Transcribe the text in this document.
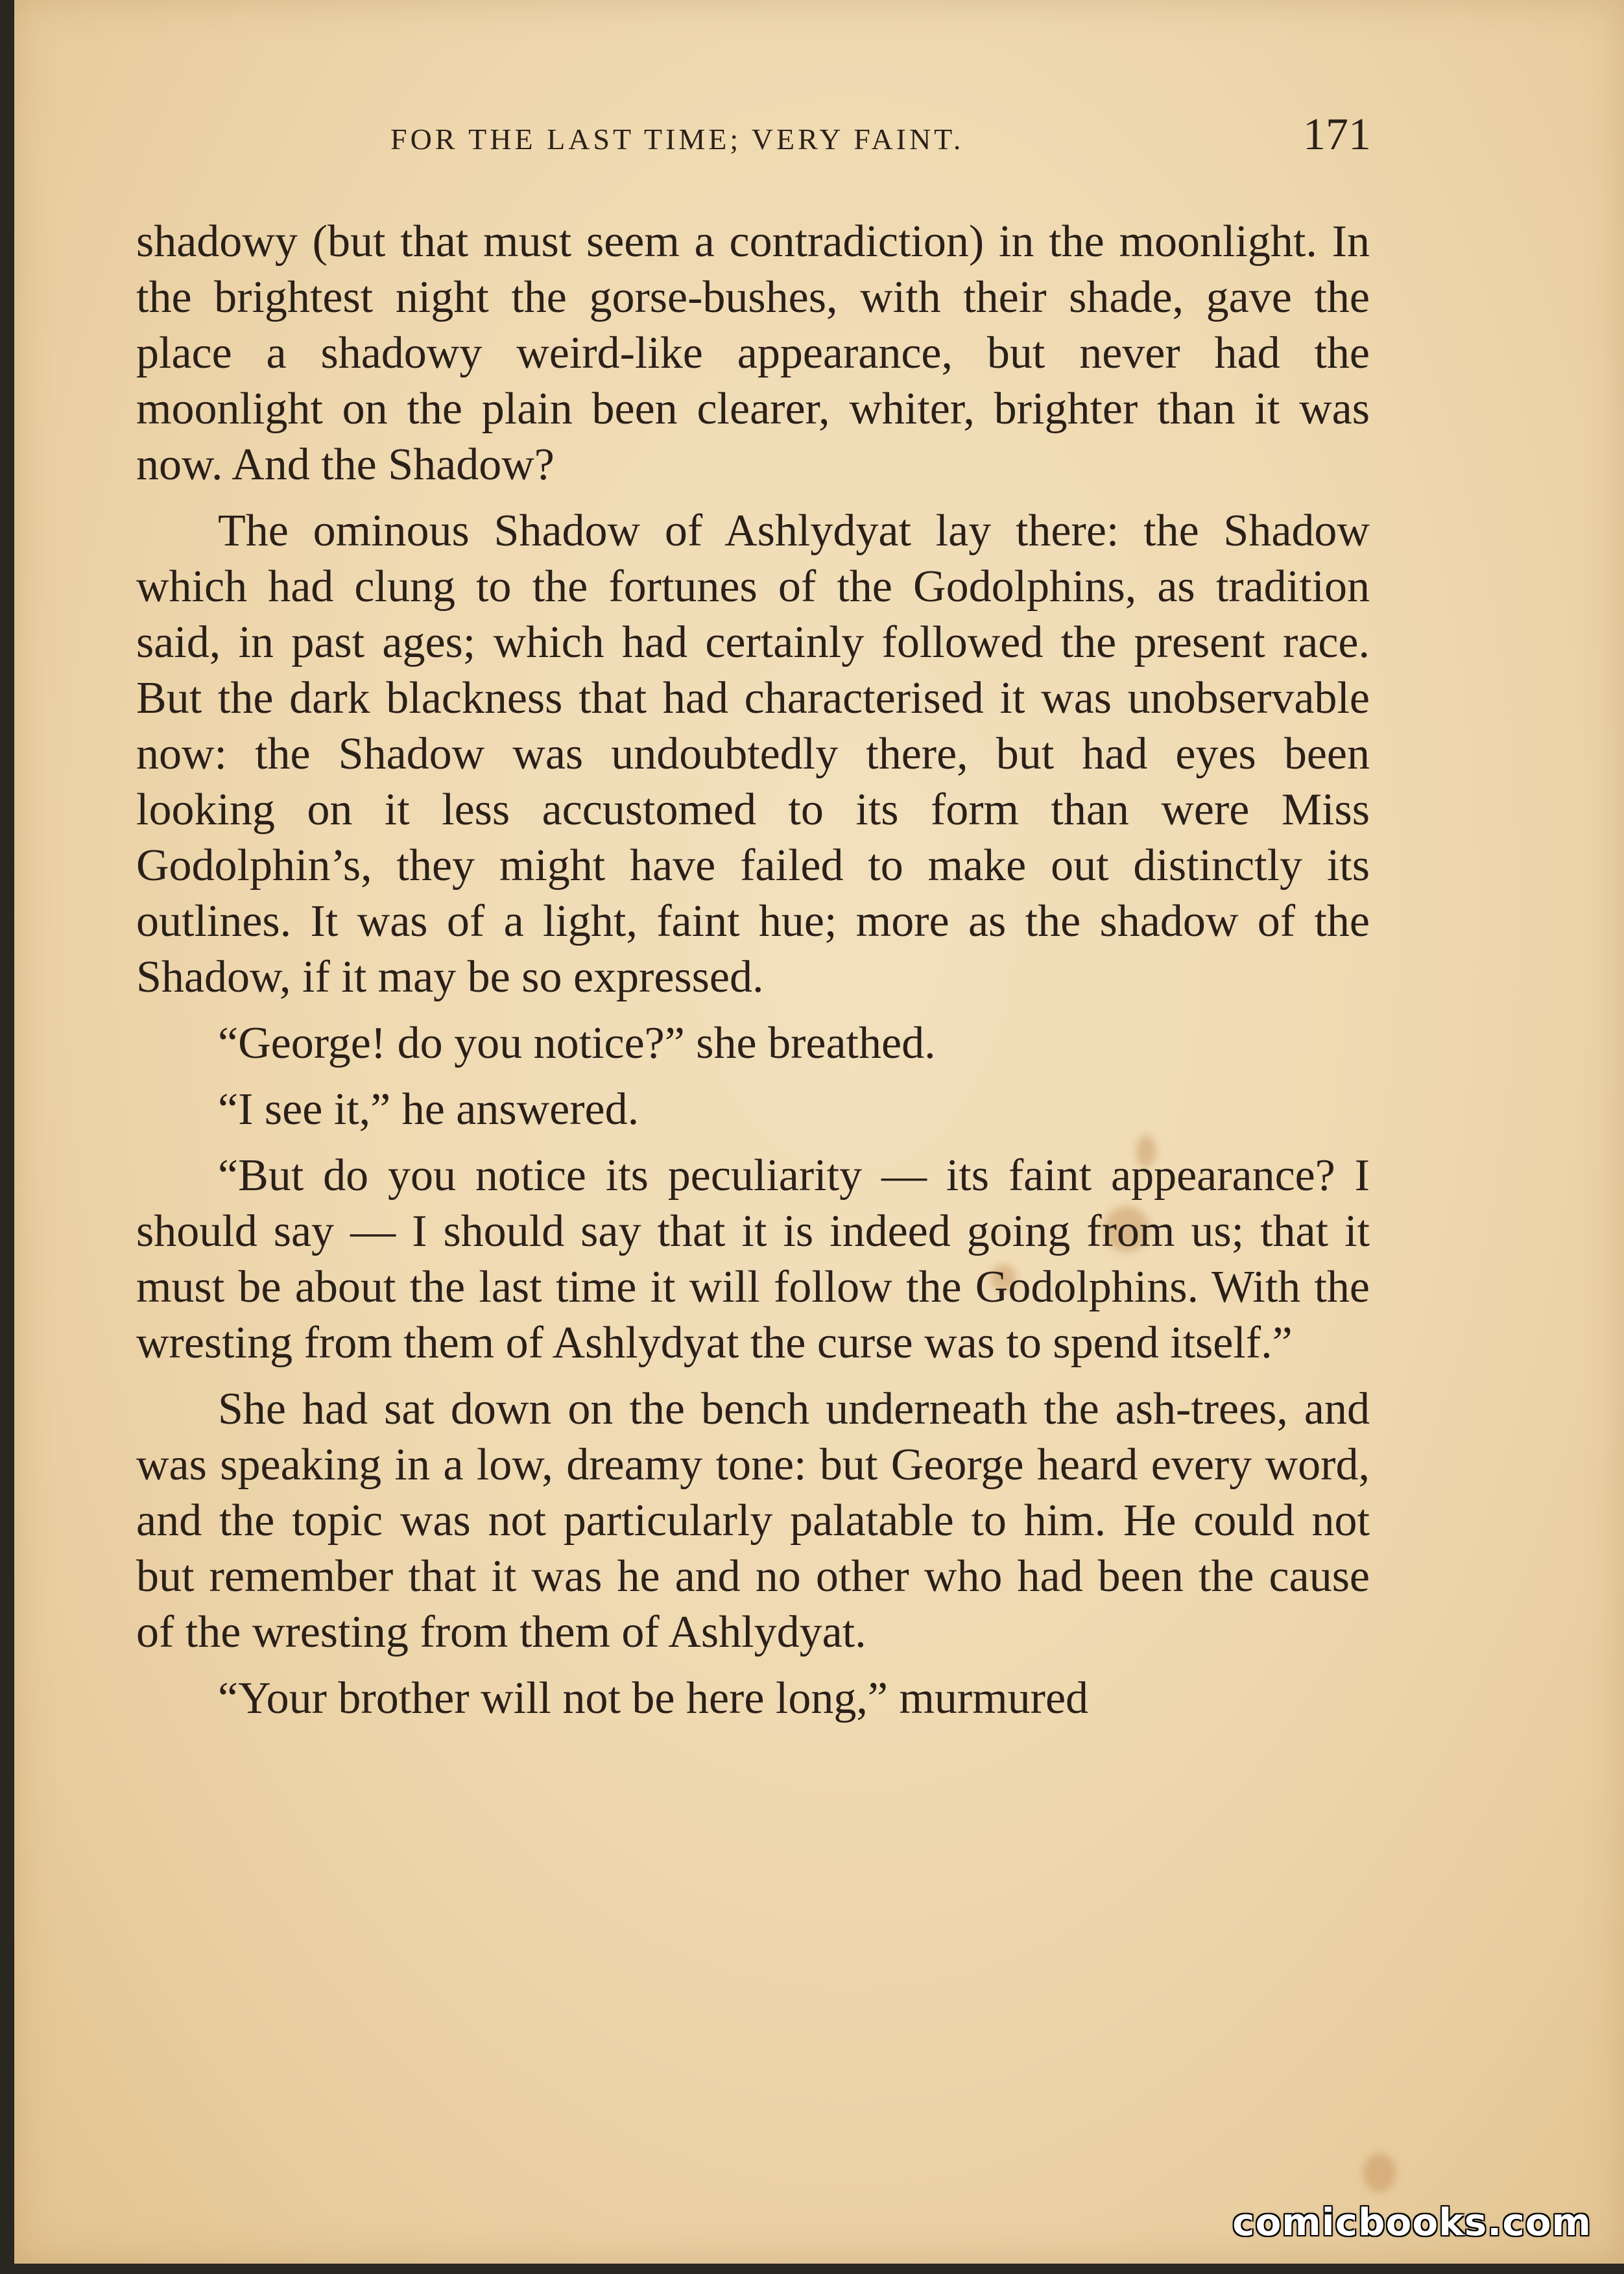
FOR THE LAST TIME; VERY FAINT.	171

shadowy (but that must seem a contradiction) in the moonlight. In the brightest night the gorse-bushes, with their shade, gave the place a shadowy weird-like appearance, but never had the moonlight on the plain been clearer, whiter, brighter than it was now. And the Shadow?

The ominous Shadow of Ashlydyat lay there: the Shadow which had clung to the fortunes of the Godolphins, as tradition said, in past ages; which had certainly followed the present race. But the dark blackness that had characterised it was unobservable now: the Shadow was undoubtedly there, but had eyes been looking on it less accustomed to its form than were Miss Godolphin’s, they might have failed to make out distinctly its outlines. It was of a light, faint hue; more as the shadow of the Shadow, if it may be so expressed.

“George! do you notice?” she breathed.

“I see it,” he answered.

“But do you notice its peculiarity — its faint appearance? I should say — I should say that it is indeed going from us; that it must be about the last time it will follow the Godolphins. With the wresting from them of Ashlydyat the curse was to spend itself.”

She had sat down on the bench underneath the ash-trees, and was speaking in a low, dreamy tone: but George heard every word, and the topic was not particularly palatable to him. He could not but remember that it was he and no other who had been the cause of the wresting from them of Ashlydyat.

“Your brother will not be here long,” murmured

comicbooks.com
